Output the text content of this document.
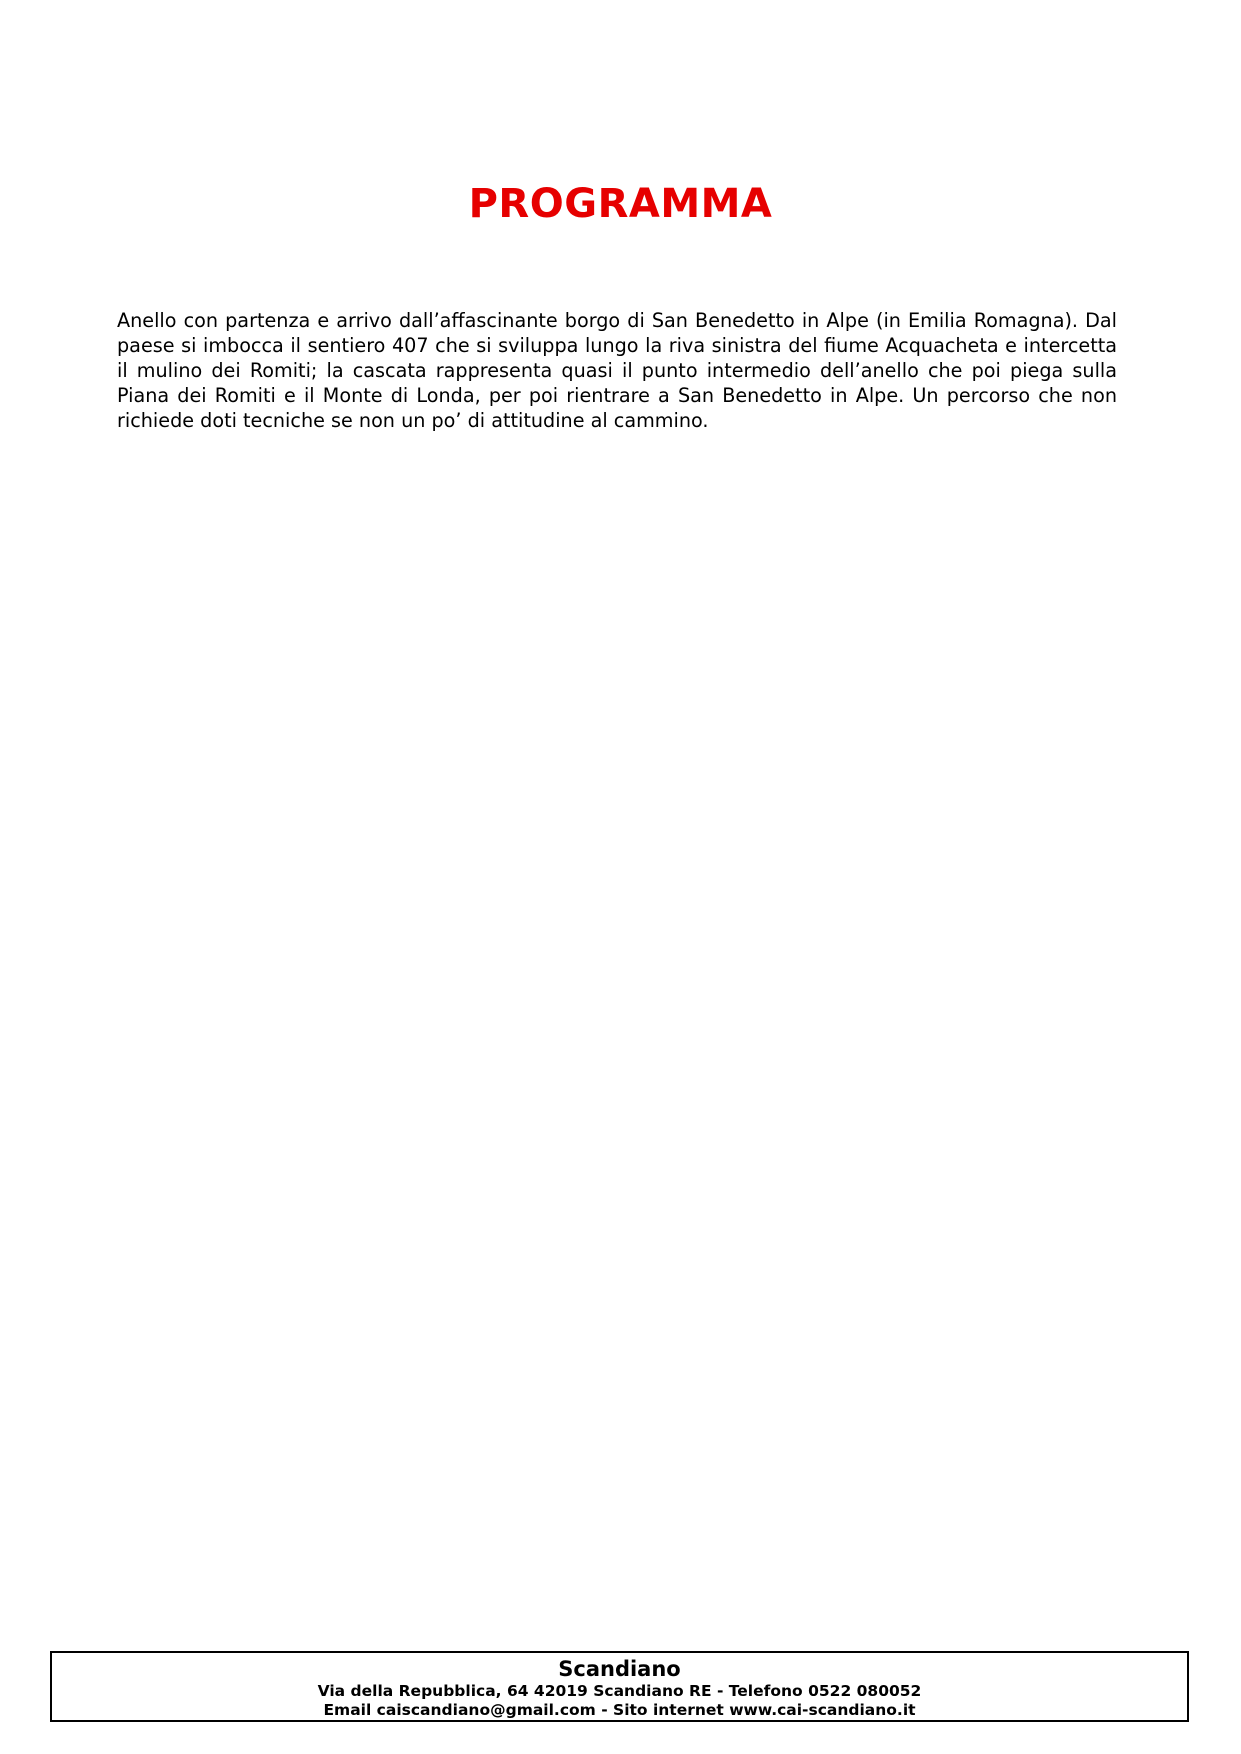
PROGRAMMA

Anello con partenza e arrivo dall’affascinante borgo di San Benedetto in Alpe (in Emilia Romagna). Dal paese si imbocca il sentiero 407 che si sviluppa lungo la riva sinistra del fiume Acquacheta e intercetta il mulino dei Romiti; la cascata rappresenta quasi il punto intermedio dell’anello che poi piega sulla Piana dei Romiti e il Monte di Londa, per poi rientrare a San Benedetto in Alpe. Un percorso che non richiede doti tecniche se non un po’ di attitudine al cammino.

Scandiano
Via della Repubblica, 64 42019 Scandiano RE - Telefono 0522 080052
Email caiscandiano@gmail.com - Sito internet www.cai-scandiano.it
